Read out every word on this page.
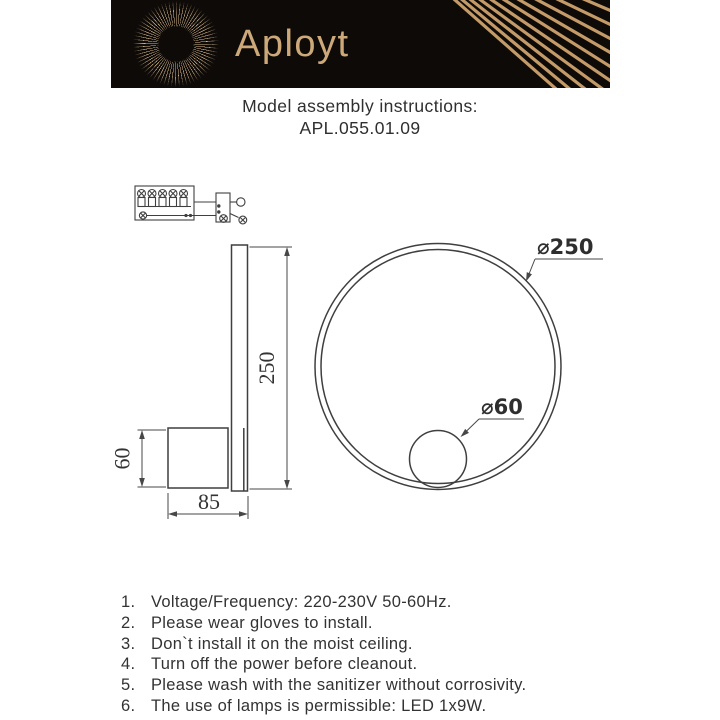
Aployt
Model assembly instructions:
APL.055.01.09
250
60
85
⌀250
⌀60
1. Voltage/Frequency: 220-230V 50-60Hz.
2. Please wear gloves to install.
3. Don`t install it on the moist ceiling.
4. Turn off the power before cleanout.
5. Please wash with the sanitizer without corrosivity.
6. The use of lamps is permissible: LED 1x9W.
